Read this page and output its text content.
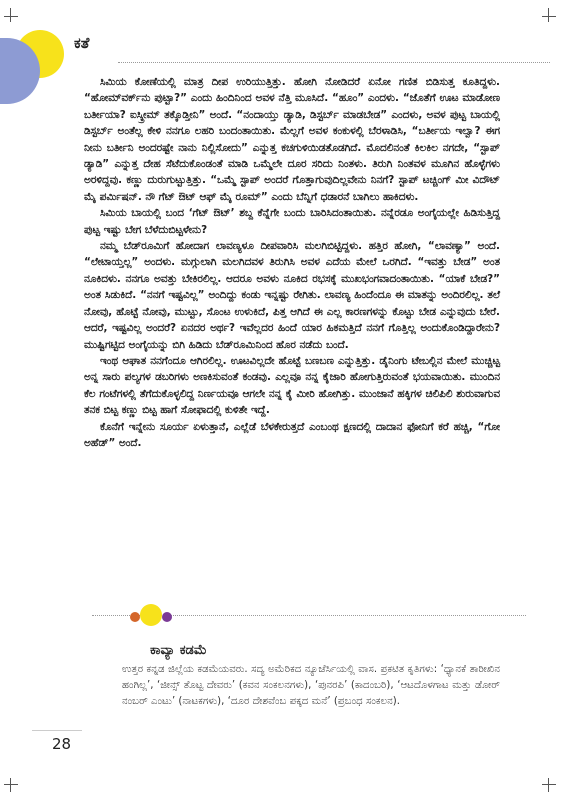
ಕತೆ

ಸಿಮಿಯ ಕೋಣೆಯಲ್ಲಿ ಮಾತ್ರ ದೀಪ ಉರಿಯುತ್ತಿತ್ತು. ಹೋಗಿ ನೋಡಿದರೆ ಏನೋ ಗಣಿತ ಬಿಡಿಸುತ್ತ ಕೂತಿದ್ದಳು. “ಹೋಮ್‌ವರ್ಕ್‌ನು ಪುಟ್ಟಾ?” ಎಂದು ಹಿಂದಿನಿಂದ ಅವಳ ನೆತ್ತಿ ಮೂಸಿದೆ. “ಹೂಂ” ಎಂದಳು. “ಜೊತೆಗೆ ಊಟ ಮಾಡೋಣ ಬರ್ತೀಯಾ? ಐಸ್ಕ್ರೀಮ್ ತಕ್ಕೊಡ್ತೀನಿ” ಅಂದೆ. “ನಂದಾಯ್ತು ಡ್ಯಾಡಿ, ಡಿಸ್ಟರ್ಬ್ ಮಾಡಬೇಡ” ಎಂದಳು, ಅವಳ ಪುಟ್ಟ ಬಾಯಲ್ಲಿ ಡಿಸ್ಟರ್ಬ್ ಅಂತೆಲ್ಲ ಕೇಳಿ ನನಗೂ ಲಹರಿ ಬಂದಂತಾಯಿತು. ಮೆಲ್ಲಗೆ ಅವಳ ಕಂಕುಳಲ್ಲಿ ಬೆರಳಾಡಿಸಿ, “ಬರ್ತೀಯ ಇಲ್ವಾ? ಈಗ ನೀನು ಬರ್ತೀನಿ ಅಂದರಷ್ಟೇ ನಾನು ನಿಲ್ಲಿಸೋದು” ಎನ್ನುತ್ತ ಕಚಗುಳಿಯಿಡತೊಡಗಿದೆ. ಮೊದಲಿನಂತೆ ಕಿಲಕಿಲ ನಗದೇ, “ಸ್ಟಾಪ್ ಡ್ಯಾಡಿ” ಎನ್ನುತ್ತ ದೇಹ ಸೆಟೆದುಕೊಂಡಂತೆ ಮಾಡಿ ಒಮ್ಮೆಲೇ ದೂರ ಸರಿದು ನಿಂತಳು. ತಿರುಗಿ ನಿಂತವಳ ಮೂಗಿನ ಹೊಳ್ಳೆಗಳು ಅರಳಿದ್ದವು. ಕಣ್ಣು ದುರುಗುಟ್ಟುತ್ತಿತ್ತು. “ಒಮ್ಮೆ ಸ್ಟಾಪ್ ಅಂದರೆ ಗೊತ್ತಾಗುವುದಿಲ್ಲವೇನು ನಿನಗೆ? ಸ್ಟಾಪ್ ಟಚ್ಚಿಂಗ್ ಮೀ ವಿದೌಟ್ ಮೈ ಪರ್ಮಿಷನ್. ನೌ ಗೆಟ್ ಔಟ್ ಆಫ್ ಮೈ ರೂಮ್” ಎಂದು ಬೆನ್ನಿಗೆ ಧಡಾರನೆ ಬಾಗಿಲು ಹಾಕಿದಳು.

ಸಿಮಿಯ ಬಾಯಲ್ಲಿ ಬಂದ ‘ಗೆಟ್ ಔಟ್’ ಶಬ್ದ ಕೆನ್ನೆಗೇ ಬಂದು ಬಾರಿಸಿದಂತಾಯಿತು. ನನ್ನೆರಡೂ ಅಂಗೈಯಲ್ಲೇ ಹಿಡಿಸುತ್ತಿದ್ದ ಪುಟ್ಟ ಇಷ್ಟು ಬೇಗ ಬೆಳೆದುಬಿಟ್ಟಳೇನು?

ನಮ್ಮ ಬೆಡ್‌ರೂಮಿಗೆ ಹೋದಾಗ ಲಾವಣ್ಯಳೂ ದೀಪವಾರಿಸಿ ಮಲಗಿಬಿಟ್ಟಿದ್ದಳು. ಹತ್ತಿರ ಹೋಗಿ, “ಲಾವಣ್ಯಾ” ಅಂದೆ. “ಲೇಟಾಯ್ತಲ್ಲ” ಅಂದಳು. ಮಗ್ಗುಲಾಗಿ ಮಲಗಿದವಳ ತಿರುಗಿಸಿ ಅವಳ ಎದೆಯ ಮೇಲೆ ಒರಗಿದೆ. “ಇವತ್ತು ಬೇಡ” ಅಂತ ನೂಕಿದಳು. ನನಗೂ ಅವತ್ತು ಬೇಕಿರಲಿಲ್ಲ. ಆದರೂ ಅವಳು ನೂಕಿದ ರಭಸಕ್ಕೆ ಮುಖಭಂಗವಾದಂತಾಯಿತು. “ಯಾಕೆ ಬೇಡ?” ಅಂತ ಸಿಡುಕಿದೆ. “ನನಗೆ ಇಷ್ಟವಿಲ್ಲ” ಅಂದಿದ್ದು ಕಂಡು ಇನ್ನಷ್ಟು ರೇಗಿತು. ಲಾವಣ್ಯ ಹಿಂದೆಂದೂ ಈ ಮಾತನ್ನು ಅಂದಿರಲಿಲ್ಲ. ತಲೆ ನೋವು, ಹೊಟ್ಟೆ ನೋವು, ಮುಟ್ಟು, ಸೊಂಟ ಉಳುಕಿದೆ, ಪಿತ್ತ ಆಗಿದೆ ಈ ಎಲ್ಲ ಕಾರಣಗಳನ್ನು ಕೊಟ್ಟು ಬೇಡ ಎನ್ನುವುದು ಬೇರೆ. ಆದರೆ, ಇಷ್ಟವಿಲ್ಲ ಅಂದರೆ? ಏನದರ ಅರ್ಥ? ಇವೆಲ್ಲದರ ಹಿಂದೆ ಯಾರ ಹಿಕಮತ್ತಿದೆ ನನಗೆ ಗೊತ್ತಿಲ್ಲ ಅಂದುಕೊಂಡಿದ್ದಾರೇನು? ಮುಷ್ಟಿಗಟ್ಟಿದ ಅಂಗೈಯನ್ನು ಬಿಗಿ ಹಿಡಿದು ಬೆಡ್‌ರೂಮಿನಿಂದ ಹೊರ ನಡೆದು ಬಂದೆ.

ಇಂಥ ಆಘಾತ ನನಗೆಂದೂ ಆಗಿರಲಿಲ್ಲ. ಊಟವಿಲ್ಲದೇ ಹೊಟ್ಟೆ ಬಣಬಣ ಎನ್ನುತ್ತಿತ್ತು. ಡೈನಿಂಗು ಟೇಬಲ್ಲಿನ ಮೇಲೆ ಮುಚ್ಚಿಟ್ಟ ಅನ್ನ ಸಾರು ಪಲ್ಯಗಳ ಡಬರಿಗಳು ಅಣಕಿಸುವಂತೆ ಕಂಡವು. ಎಲ್ಲವೂ ನನ್ನ ಕೈಜಾರಿ ಹೋಗುತ್ತಿರುವಂತೆ ಭಯವಾಯಿತು. ಮುಂದಿನ ಕೆಲ ಗಂಟೆಗಳಲ್ಲಿ ತೆಗೆದುಕೊಳ್ಳಲಿದ್ದ ನಿರ್ಣಯವೂ ಆಗಲೇ ನನ್ನ ಕೈ ಮೀರಿ ಹೋಗಿತ್ತು. ಮುಂಜಾನೆ ಹಕ್ಕಿಗಳ ಚಿಲಿಪಿಲಿ ಶುರುವಾಗುವ ತನಕ ಬಿಟ್ಟ ಕಣ್ಣು ಬಿಟ್ಟ ಹಾಗೆ ಸೋಫಾದಲ್ಲಿ ಕುಳಿತೇ ಇದ್ದೆ.

ಕೊನೆಗೆ ಇನ್ನೇನು ಸೂರ್ಯ ಏಳುತ್ತಾನೆ, ಎಲ್ಲೆಡೆ ಬೆಳಕೇರುತ್ತದೆ ಎಂಬಂಥ ಕ್ಷಣದಲ್ಲಿ ದಾದಾನ ಫೋನಿಗೆ ಕರೆ ಹಚ್ಚಿ, “ಗೋ ಅಹೆಡ್” ಅಂದೆ.

ಕಾವ್ಯಾ ಕಡಮೆ
ಉತ್ತರ ಕನ್ನಡ ಜಿಲ್ಲೆಯ ಕಡಮೆಯವರು. ಸದ್ಯ ಅಮೆರಿಕದ ನ್ಯೂಜೆರ್ಸಿಯಲ್ಲಿ ವಾಸ. ಪ್ರಕಟಿತ ಕೃತಿಗಳು: ‘ಧ್ಯಾನಕೆ ತಾರೀಖಿನ ಹಂಗಿಲ್ಲ’, ‘ಜೀನ್ಸ್ ತೊಟ್ಟ ದೇವರು’ (ಕವನ ಸಂಕಲನಗಳು), ‘ಪುನರಪಿ’ (ಕಾದಂಬರಿ), ‘ಆಟದೊಳಗಾಟ ಮತ್ತು ಡೋರ್ ನಂಬರ್ ಎಂಟು’ (ನಾಟಕಗಳು), ‘ದೂರ ದೇಶವೆಂಬ ಪಕ್ಕದ ಮನೆ’ (ಪ್ರಬಂಧ ಸಂಕಲನ).
28
